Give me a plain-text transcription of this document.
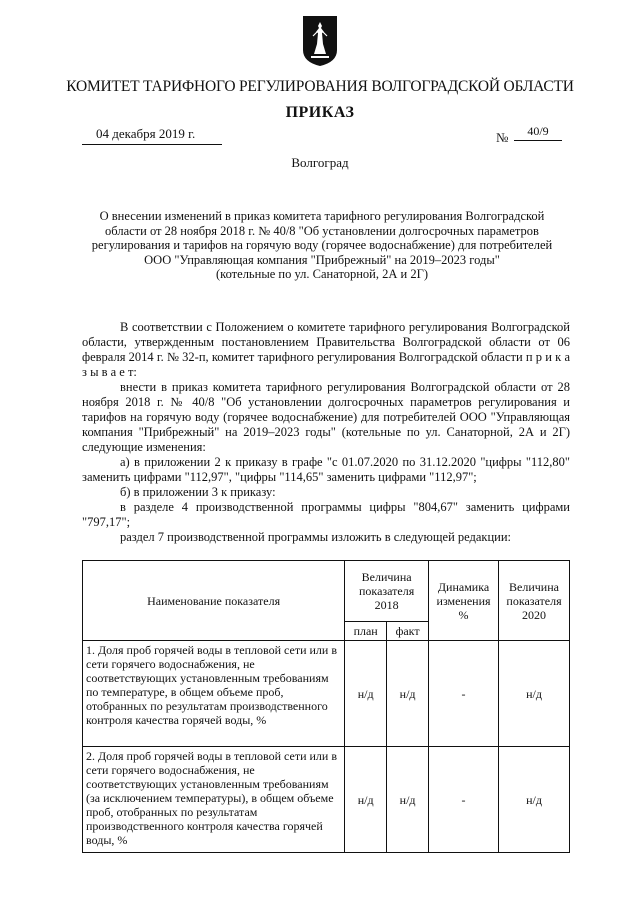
КОМИТЕТ ТАРИФНОГО РЕГУЛИРОВАНИЯ ВОЛГОГРАДСКОЙ ОБЛАСТИ
ПРИКАЗ
04 декабря 2019 г.	№	40/9
Волгоград
О внесении изменений в приказ комитета тарифного регулирования Волгоградской
области от 28 ноября 2018 г. № 40/8 "Об установлении долгосрочных параметров
регулирования и тарифов на горячую воду (горячее водоснабжение) для потребителей
ООО "Управляющая компания "Прибрежный" на 2019–2023 годы"
(котельные по ул. Санаторной, 2А и 2Г)

В соответствии с Положением о комитете тарифного регулирования Волгоградской области, утвержденным постановлением Правительства Волгоградской области от 06 февраля 2014 г. № 32-п, комитет тарифного регулирования Волгоградской области п р и к а з ы в а е т:

внести в приказ комитета тарифного регулирования Волгоградской области от 28 ноября 2018 г. № 40/8 "Об установлении долгосрочных параметров регулирования и тарифов на горячую воду (горячее водоснабжение) для потребителей ООО "Управляющая компания "Прибрежный" на 2019–2023 годы" (котельные по ул. Санаторной, 2А и 2Г) следующие изменения:

а) в приложении 2 к приказу в графе "с 01.07.2020 по 31.12.2020 "цифры "112,80" заменить цифрами "112,97", "цифры "114,65" заменить цифрами "112,97";

б) в приложении 3 к приказу:

в разделе 4 производственной программы цифры "804,67" заменить цифрами "797,17";

раздел 7 производственной программы изложить в следующей редакции:

Наименование показателя	Величина показателя 2018		Динамика изменения %	Величина показателя 2020
	план	факт		
1. Доля проб горячей воды в тепловой сети или в сети горячего водоснабжения, не соответствующих установленным требованиям по температуре, в общем объеме проб, отобранных по результатам производственного контроля качества горячей воды, %	н/д	н/д	-	н/д
2. Доля проб горячей воды в тепловой сети или в сети горячего водоснабжения, не соответствующих установленным требованиям (за исключением температуры), в общем объеме проб, отобранных по результатам производственного контроля качества горячей воды, %	н/д	н/д	-	н/д
